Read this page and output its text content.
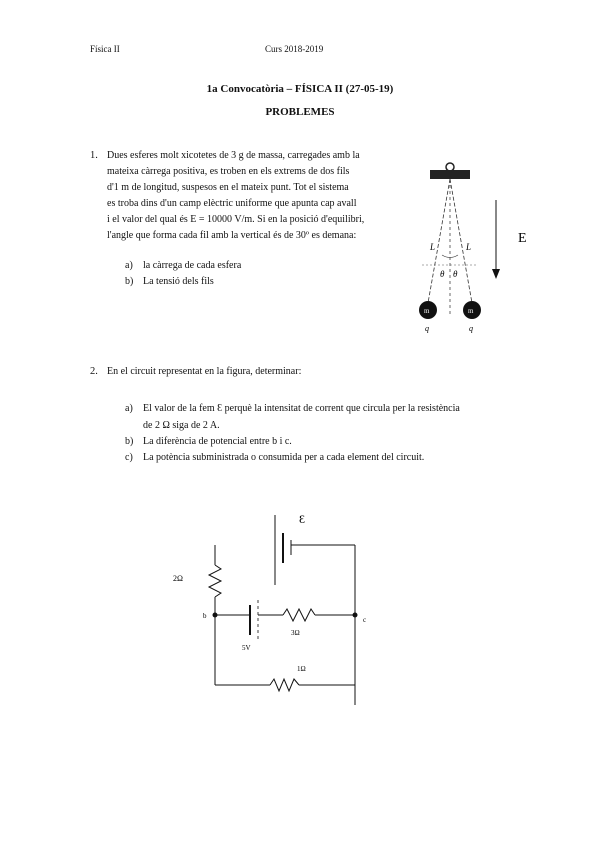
Física II	Curs 2018-2019
1a Convocatòria – FÍSICA II (27-05-19)
PROBLEMES
1. Dues esferes molt xicotetes de 3 g de massa, carregades amb la
mateixa càrrega positiva, es troben en els extrems de dos fils
d'1 m de longitud, suspesos en el mateix punt. Tot el sistema
es troba dins d'un camp elèctric uniforme que apunta cap avall
i el valor del qual és E = 10000 V/m. Si en la posició d'equilibri,
l'angle que forma cada fil amb la vertical és de 30º es demana:
a) la càrrega de cada esfera
b) La tensió dels fils
L	L
θ θ
m	m
q	q
E
2. En el circuit representat en la figura, determinar:
a) El valor de la fem Ɛ perquè la intensitat de corrent que circula per la resistència
de 2 Ω siga de 2 A.
b) La diferència de potencial entre b i c.
c) La potència subministrada o consumida per a cada element del circuit.
Ɛ
2Ω
b	c
3Ω
5V
1Ω
